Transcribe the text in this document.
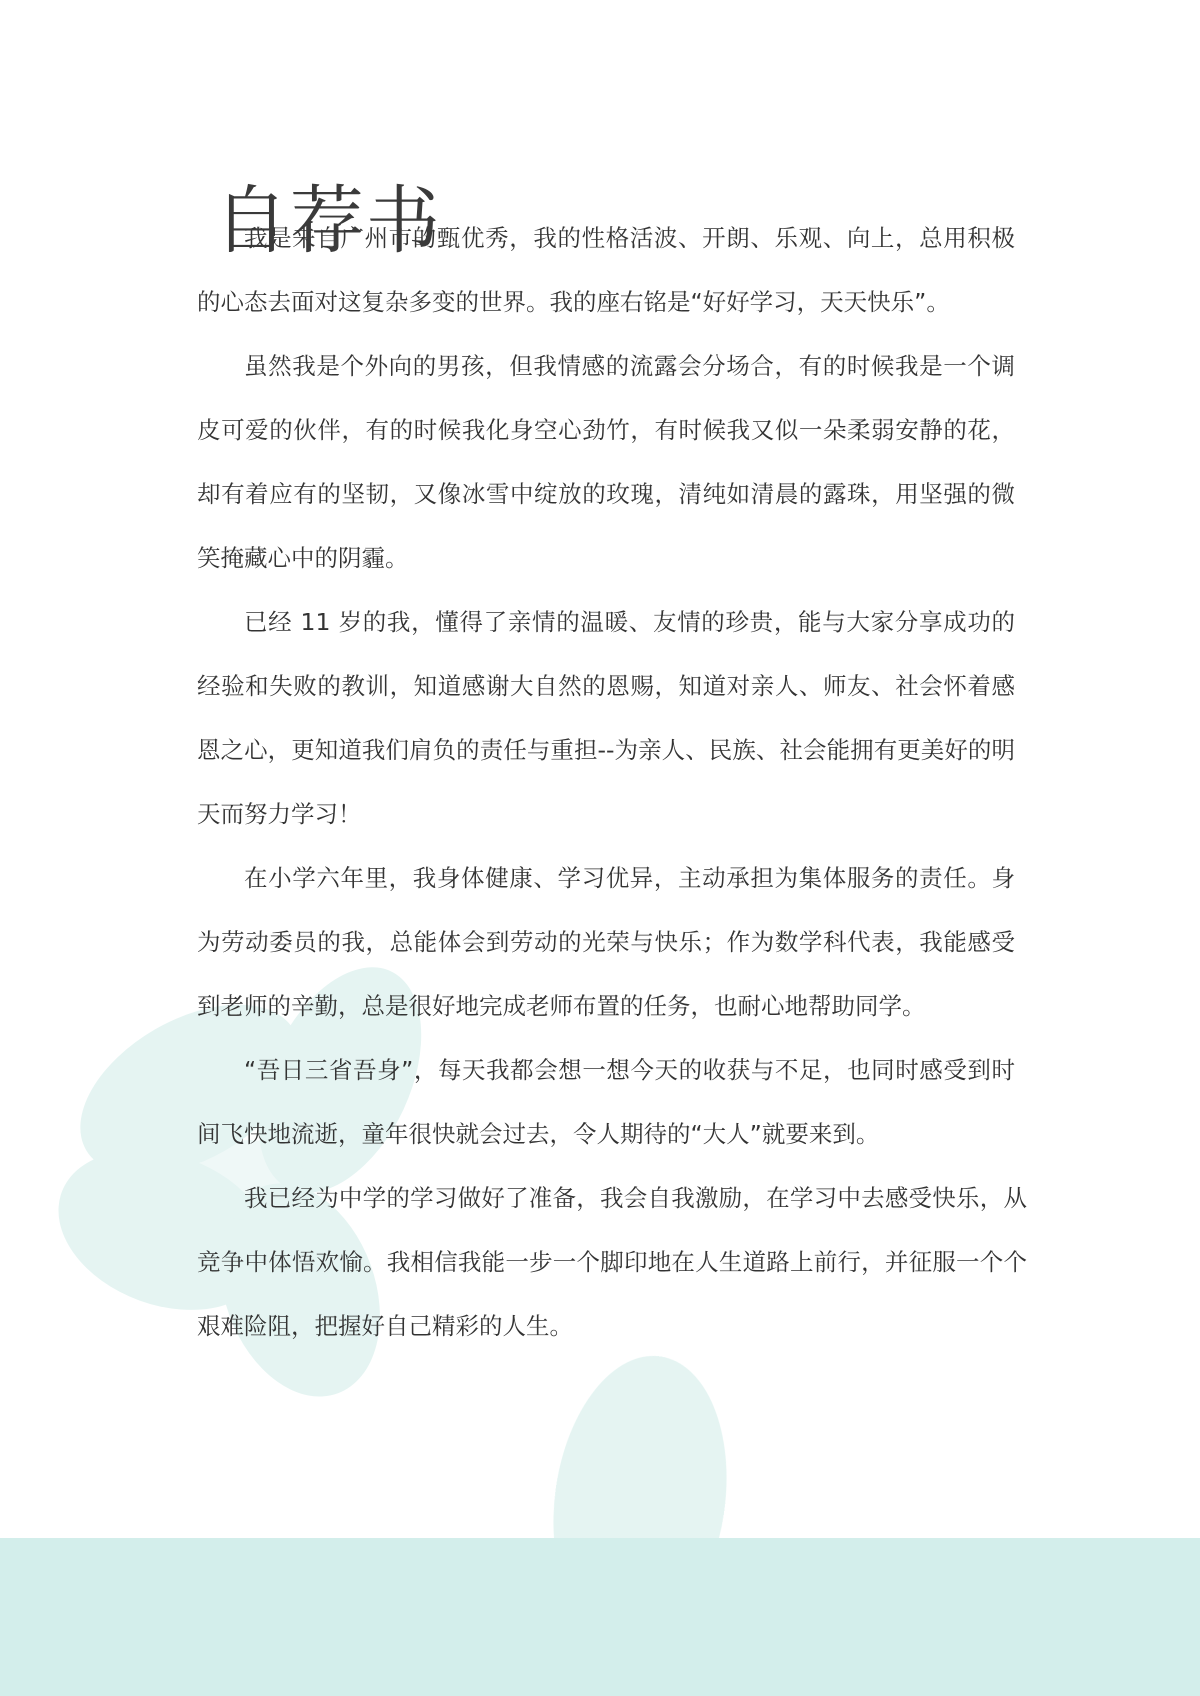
自荐书

我是来自广州市的甄优秀，我的性格活波、开朗、乐观、向上，总用积极的心态去面对这复杂多变的世界。我的座右铭是“好好学习，天天快乐”。

虽然我是个外向的男孩，但我情感的流露会分场合，有的时候我是一个调皮可爱的伙伴，有的时候我化身空心劲竹，有时候我又似一朵柔弱安静的花，却有着应有的坚韧，又像冰雪中绽放的玫瑰，清纯如清晨的露珠，用坚强的微笑掩藏心中的阴霾。

已经 11 岁的我，懂得了亲情的温暖、友情的珍贵，能与大家分享成功的经验和失败的教训，知道感谢大自然的恩赐，知道对亲人、师友、社会怀着感恩之心，更知道我们肩负的责任与重担--为亲人、民族、社会能拥有更美好的明天而努力学习！

在小学六年里，我身体健康、学习优异，主动承担为集体服务的责任。身为劳动委员的我，总能体会到劳动的光荣与快乐；作为数学科代表，我能感受到老师的辛勤，总是很好地完成老师布置的任务，也耐心地帮助同学。

“吾日三省吾身”，每天我都会想一想今天的收获与不足，也同时感受到时间飞快地流逝，童年很快就会过去，令人期待的“大人”就要来到。

我已经为中学的学习做好了准备，我会自我激励，在学习中去感受快乐，从竞争中体悟欢愉。我相信我能一步一个脚印地在人生道路上前行，并征服一个个艰难险阻，把握好自己精彩的人生。
